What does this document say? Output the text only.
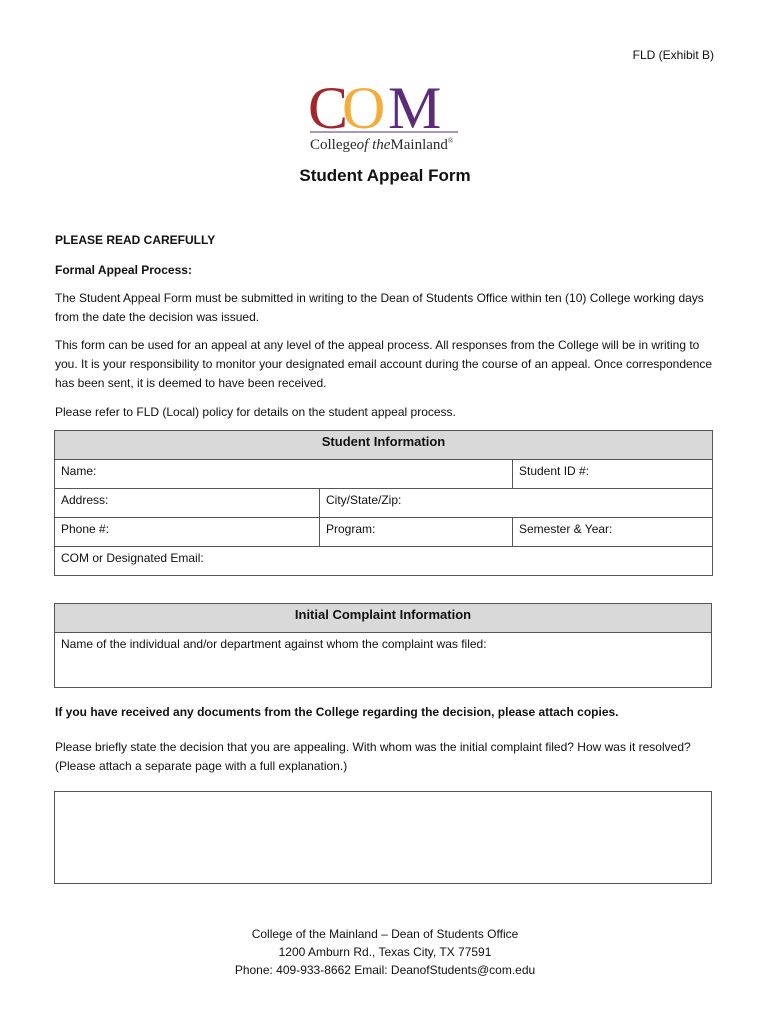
FLD (Exhibit B)
C
O M
Collegeof theMainland®
Student Appeal Form
PLEASE READ CAREFULLY
Formal Appeal Process:
The Student Appeal Form must be submitted in writing to the Dean of Students Office within ten (10) College working days from the date the decision was issued.
This form can be used for an appeal at any level of the appeal process. All responses from the College will be in writing to you. It is your responsibility to monitor your designated email account during the course of an appeal. Once correspondence has been sent, it is deemed to have been received.
Please refer to FLD (Local) policy for details on the student appeal process.
Student Information		
Name:		Student ID #:
Address:	City/State/Zip:	
Phone #:	Program:	Semester & Year:
COM or Designated Email:		
Initial Complaint Information
Name of the individual and/or department against whom the complaint was filed:
If you have received any documents from the College regarding the decision, please attach copies.
Please briefly state the decision that you are appealing. With whom was the initial complaint filed? How was it resolved? (Please attach a separate page with a full explanation.)
College of the Mainland – Dean of Students Office
1200 Amburn Rd., Texas City, TX 77591
Phone: 409-933-8662 Email: DeanofStudents@com.edu
